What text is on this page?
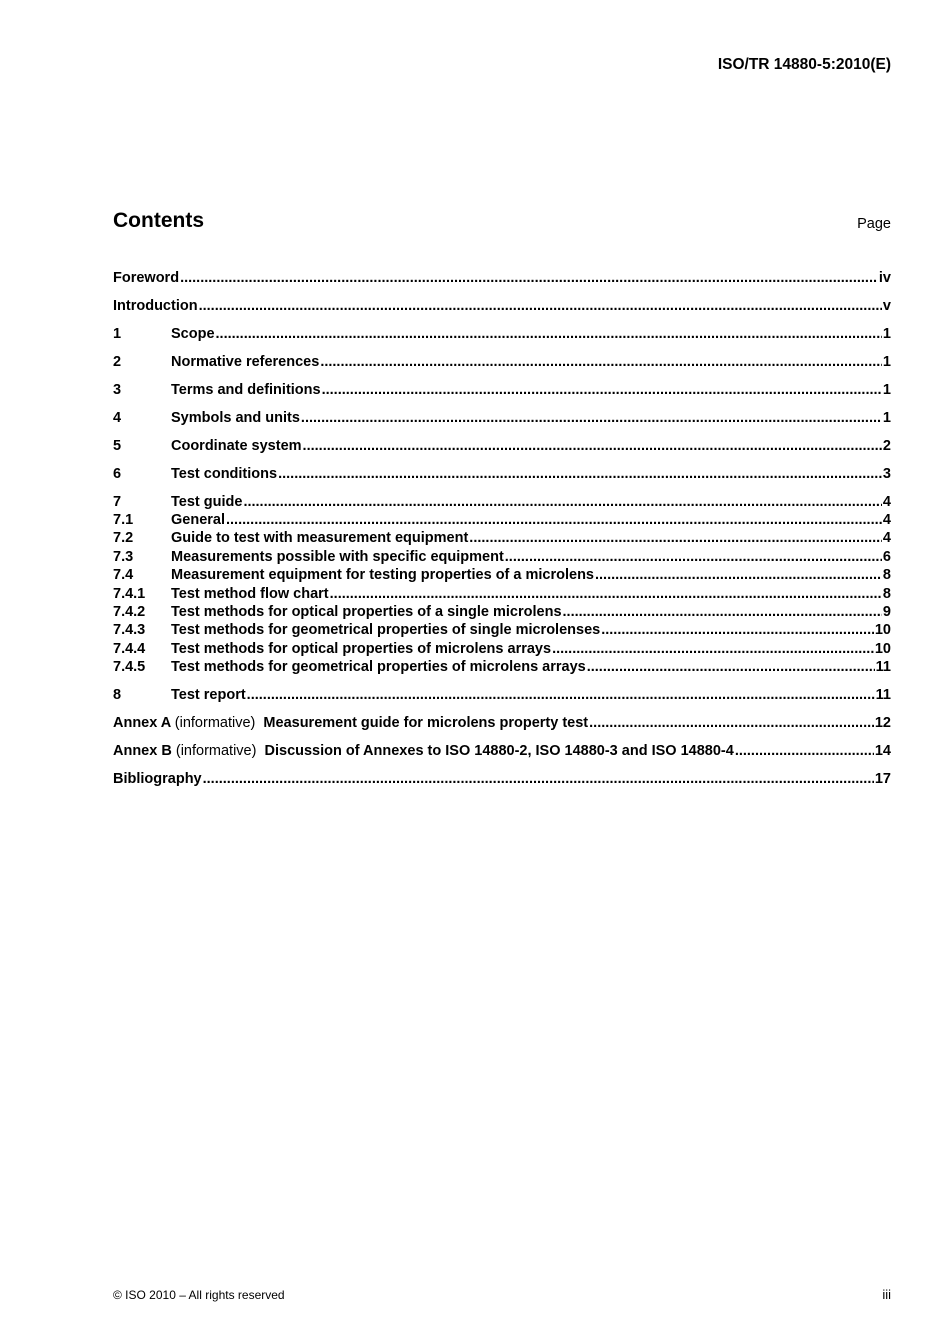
ISO/TR 14880-5:2010(E)
Contents	Page
Foreword .....	iv
Introduction .....	v
1	Scope .....	1
2	Normative references .....	1
3	Terms and definitions .....	1
4	Symbols and units .....	1
5	Coordinate system .....	2
6	Test conditions .....	3
7	Test guide .....	4
7.1	General .....	4
7.2	Guide to test with measurement equipment .....	4
7.3	Measurements possible with specific equipment .....	6
7.4	Measurement equipment for testing properties of a microlens .....	8
7.4.1	Test method flow chart .....	8
7.4.2	Test methods for optical properties of a single microlens .....	9
7.4.3	Test methods for geometrical properties of single microlenses .....	10
7.4.4	Test methods for optical properties of microlens arrays .....	10
7.4.5	Test methods for geometrical properties of microlens arrays .....	11
8	Test report .....	11
Annex A (informative) Measurement guide for microlens property test .....	12
Annex B (informative) Discussion of Annexes to ISO 14880-2, ISO 14880-3 and ISO 14880-4 .....	14
Bibliography .....	17
© ISO 2010 – All rights reserved	iii
